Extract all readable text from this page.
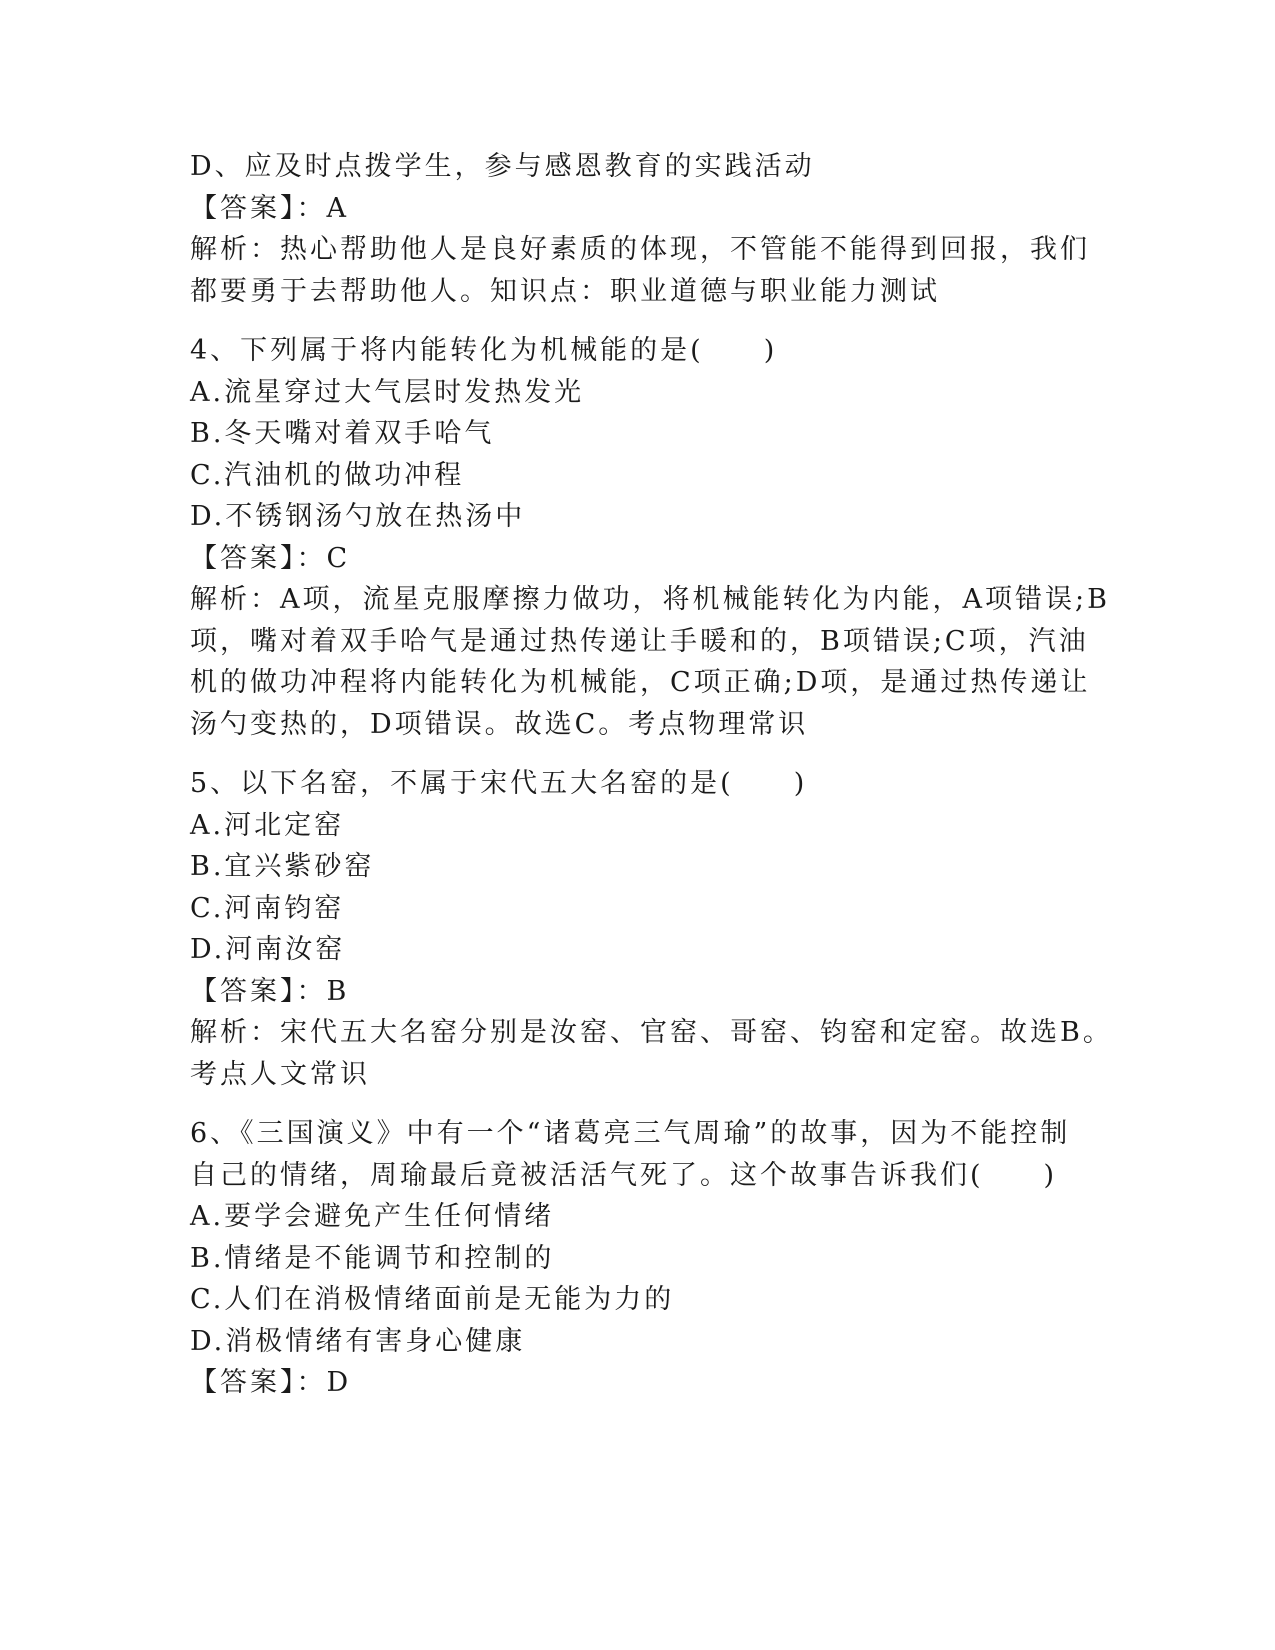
D、应及时点拨学生，参与感恩教育的实践活动
【答案】：A
解析：热心帮助他人是良好素质的体现，不管能不能得到回报，我们
都要勇于去帮助他人。知识点：职业道德与职业能力测试
4、下列属于将内能转化为机械能的是(　　)
A.流星穿过大气层时发热发光
B.冬天嘴对着双手哈气
C.汽油机的做功冲程
D.不锈钢汤勺放在热汤中
【答案】：C
解析：A项，流星克服摩擦力做功，将机械能转化为内能，A项错误;B
项，嘴对着双手哈气是通过热传递让手暖和的，B项错误;C项，汽油
机的做功冲程将内能转化为机械能，C项正确;D项，是通过热传递让
汤勺变热的，D项错误。故选C。考点物理常识
5、以下名窑，不属于宋代五大名窑的是(　　)
A.河北定窑
B.宜兴紫砂窑
C.河南钧窑
D.河南汝窑
【答案】：B
解析：宋代五大名窑分别是汝窑、官窑、哥窑、钧窑和定窑。故选B。
考点人文常识
6、《三国演义》中有一个“诸葛亮三气周瑜”的故事，因为不能控制
自己的情绪，周瑜最后竟被活活气死了。这个故事告诉我们(　　)
A.要学会避免产生任何情绪
B.情绪是不能调节和控制的
C.人们在消极情绪面前是无能为力的
D.消极情绪有害身心健康
【答案】：D
